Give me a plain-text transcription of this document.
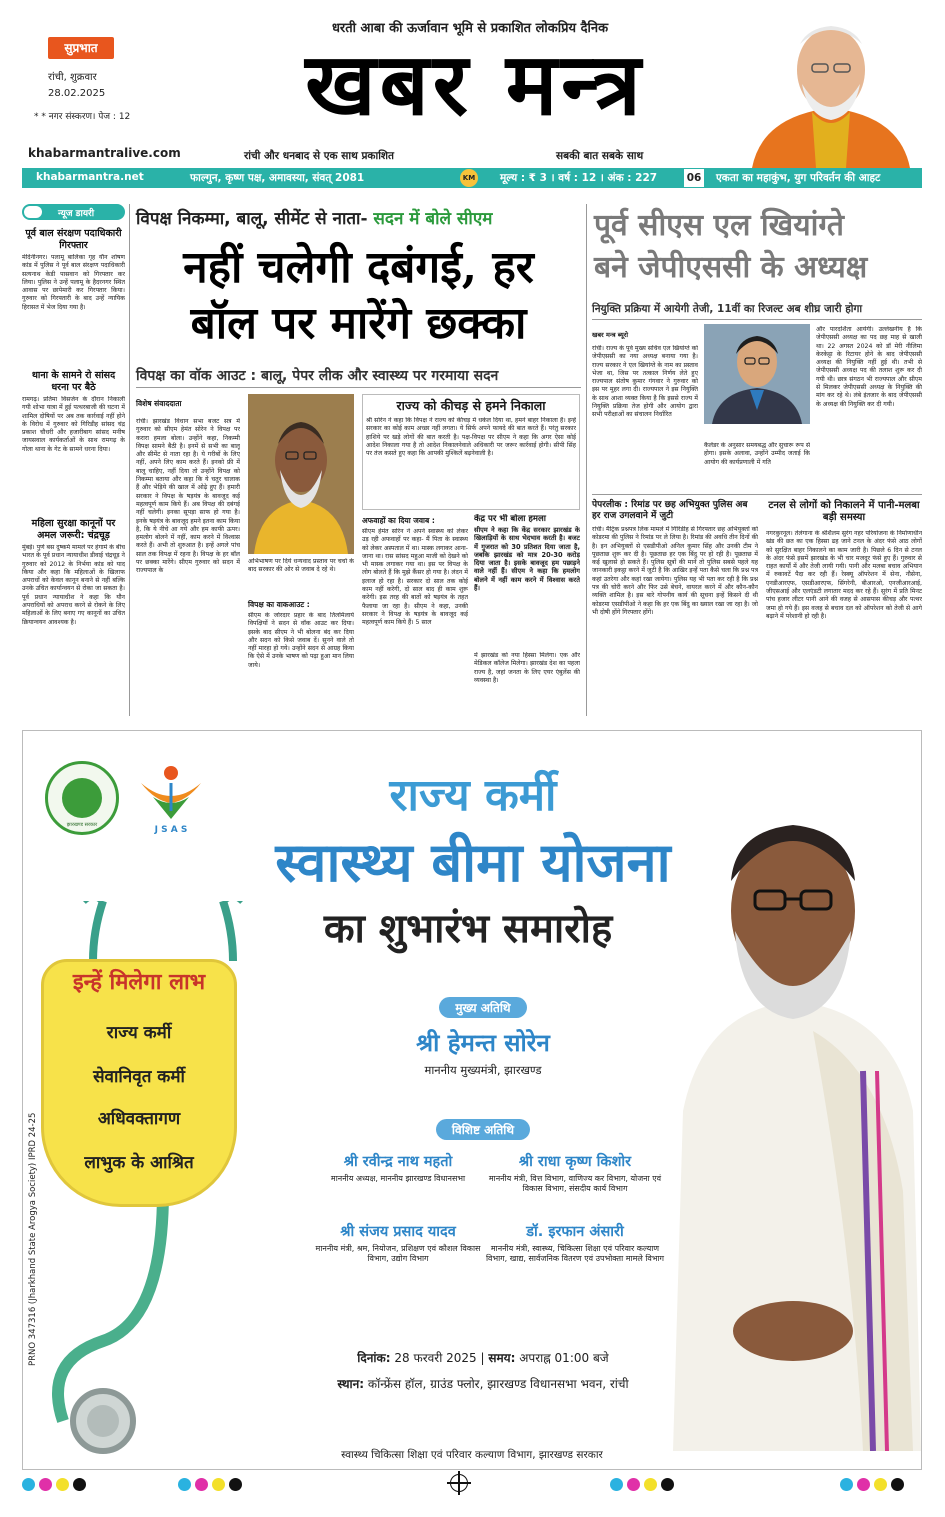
धरती आबा की ऊर्जावान भूमि से प्रकाशित लोकप्रिय दैनिक
सुप्रभात
रांची, शुक्रवार
28.02.2025
* * नगर संस्करण। पेज : 12	खबर मन्त्र
khabarmantralive.com	रांची और धनबाद से एक साथ प्रकाशित	सबकी बात सबके साथ
khabarmantra.net	फाल्गुन, कृष्ण पक्ष, अमावस्या, संवत् 2081	KM मूल्य : ₹ 3 । वर्ष : 12 । अंक : 227	06 एकता का महाकुंभ, युग परिवर्तन की आहट
न्यूज डायरी
पूर्व बाल संरक्षण पदाधिकारी गिरफ्तार
मेदिनीनगर। पलामू बालिका गृह यौन शोषण कांड में पुलिस ने पूर्व बाल संरक्षण पदाधिकारी सत्यनाथ केडी पासवान को गिरफ्तार कर लिया। पुलिस ने उन्हें पलामू के हैदरनगर स्थित आवास पर छापेमारी कर गिरफ्तार किया। गुरुवार को गिरफ्तारी के बाद उन्हें न्यायिक हिरासत में भेज दिया गया है।
थाना के सामने रो सांसद धरना पर बैठे
रामगढ़। प्रतिमा विसर्जन के दौरान निकाली गयी शोभा यात्रा में हुई पत्थरबाजी की घटना में शामिल दोषियों पर अब तक कार्रवाई नहीं होने के विरोध में गुरुवार को गिरिडीह सांसद चंद्र प्रकाश चौधरी और हजारीबाग सांसद मनीष जायसवाल कार्यकर्ताओं के साथ रामगढ़ के गोला थाना के गेट के सामने धरना दिया।
महिला सुरक्षा कानूनों पर अमल जरूरी: चंद्रचूड़
मुंबई। पुणे बस दुष्कर्म मामले पर हंगामे के बीच भारत के पूर्व प्रधान न्यायाधीश डीवाई चंद्रचूड़ ने गुरुवार को 2012 के निर्भया कांड को याद किया और कहा कि महिलाओं के खिलाफ अपराधों को केवल कानून बनाने से नहीं बल्कि उनके उचित कार्यान्वयन से रोका जा सकता है। पूर्व प्रधान न्यायाधीश ने कहा कि यौन अपराधियों को अपराध करने से रोकने के लिए महिलाओं के लिए बनाए गए कानूनों का उचित क्रियान्वयन आवश्यक है।
विपक्ष निकम्मा, बालू, सीमेंट से नाता- सदन में बोले सीएम
नहीं चलेगी दबंगई, हर
बॉल पर मारेंगे छक्का
विपक्ष का वॉक आउट : बालू, पेपर लीक और स्वास्थ्य पर गरमाया सदन
विशेष संवाददाता
रांची। झारखंड विधान सभा बजट सत्र में गुरुवार को सीएम हेमंत सोरेन ने विपक्ष पर करारा हमला बोला। उन्होंने कहा, निकम्मी विपक्ष सामने बैठी है। इनमें से सभी का बालू और सीमेंट से नाता रहा है। ये गरीबों के लिए नहीं, अपने लिए काम करते हैं। इनको फ्री में बालू चाहिए, नहीं दिया तो उन्होंने विपक्ष को निकम्मा बताया और कहा कि ये चतुर चालाक हैं और भेड़िये की खाल में ओढ़े हुए हैं। हमारी सरकार ने विपक्ष के षड़यंत्र के बावजूद कई महत्वपूर्ण काम किये हैं। अब विपक्ष की दबंगई नहीं चलेगी। इनका सूपड़ा साफ हो गया है। इनके षड़यंत्र के बावजूद हमने इतना काम किया है, कि ये नीचे आ गये और हम काफी ऊपर। हमलोग बोलने में नहीं, काम करने में विश्वास करते हैं। अभी तो शुरुआत है। इन्हें अगले पांच साल तक विपक्ष में रहना है। विपक्ष के हर बॉल पर छक्का मारेंगे। सीएम गुरुवार को सदन में राज्यपाल के
अभिभाषण पर दिये धन्यवाद प्रस्ताव पर चर्चा के बाद सरकार की ओर से जवाब दे रहे थे।
विपक्ष का वाकआउट :
सीएम के जोरदार प्रहार के बाद तिलमिलाये विपक्षियों ने सदन से वॉक आउट कर दिया। इसके बाद सीएम ने भी बोलना बंद कर दिया और सदन को किसे जवाब दें। सुनने वाले तो नहीं मारहा हो गये। उन्होंने सदन से आग्रह किया कि ऐसे में उनके भाषण को पढ़ा हुआ मान लिया जाये।
राज्य को कीचड़ से हमने निकाला
श्री सोरेन ने कहा कि विपक्ष ने राज्य को कीचड़ में धकेल दिया था, हमने बाहर निकाला है। इन्हें सरकार का कोई काम अच्छा नहीं लगता। ये सिर्फ अपने फायदे की बात करते हैं। परंतु सरकार हाशिये पर खड़े लोगों की बात करती है। पक्ष-विपक्ष पर सीएम ने कहा कि अगर ऐसा कोई आदेश निकाला गया है तो आदेश निकालनेवाले अधिकारी पर जरूर कार्रवाई होगी। सीपी सिंह पर तंज कसते हुए कहा कि आपकी मुश्किलें बढ़नेवाली है।
अफवाहों का दिया जवाब :
सीएम हेमंत सोरेन ने अपने स्वास्थ्य को लेकर उड़ रही अफवाहों पर कहा- मैं पिता के स्वास्थ्य को लेकर अस्पताल में था। मास्क लगाकर आना-जाना था। रास सांसद महुआ माजी को देखने को भी मास्क लगाकर गया था। इस पर विपक्ष के लोग बोलते हैं कि मुझे कैंसर हो गया है। लंदन में इलाज हो रहा है। सरकार दो साल तक कोई काम नहीं करेगी, दो साल बाद ही काम शुरू करेगी। इस तरह की बातों को षड़यंत्र के तहत फैलाया जा रहा है। सीएम ने कहा, उनकी सरकार ने विपक्ष के षड़यंत्र के बावजूद कई महत्वपूर्ण काम किये हैं। 5 साल
केंद्र पर भी बोला हमला
सीएम ने कहा कि केंद्र सरकार झारखंड के खिलाड़ियों के साथ भेदभाव करती है। बजट में गुजरात को 30 प्रतिशत दिया जाता है, जबकि झारखंड को मात्र 20-30 करोड़ दिया जाता है। इसके बावजूद हम पछाड़ने वाले नहीं हैं। सीएम ने कहा कि हमलोग बोलने में नहीं काम करने में विश्वास करते हैं।
में झारखंड को नया हिस्सा मिलेगा। एक और मेडिकल कॉलेज मिलेगा। झारखंड देश का पहला राज्य है, जहां जनता के लिए एयर एंबुलेंस की व्यवस्था है।
पूर्व सीएस एल खियांग्ते
बने जेपीएससी के अध्यक्ष
नियुक्ति प्रक्रिया में आयेगी तेजी, 11वीं का रिजल्ट अब शीघ्र जारी होगा
खबर मन्त्र ब्यूरो
रांची। राज्य के पूर्व मुख्य सचिव एल खियांग्ते को जेपीएससी का नया अध्यक्ष बनाया गया है। राज्य सरकार ने एल खियांग्ते के नाम का प्रस्ताव भेजा था, जिस पर तत्काल निर्णय लेते हुए राज्यपाल संतोष कुमार गंगवार ने गुरुवार को इस पर मुहर लगा दी। राज्यपाल ने इस नियुक्ति के साथ आशा व्यक्त किया है कि इससे राज्य में नियुक्ति प्रक्रिया तेज होगी और आयोग द्वारा सभी परीक्षाओं का संचालन निर्धारित
कैलेंडर के अनुसार समयबद्ध और सुचारू रूप से होगा। इसके अलावा, उन्होंने उम्मीद जताई कि आयोग की कार्यप्रणाली में गति
और पारदर्शिता आयेगी। उल्लेखनीय है कि जेपीएससी अध्यक्ष का पद छह माह से खाली था। 22 अगस्त 2024 को डॉ मेरी नीलिमा केरकेट्टा के रिटायर होने के बाद जेपीएससी अध्यक्ष की नियुक्ति नहीं हुई थी। तभी से जेपीएससी अध्यक्ष पद की तलाश शुरू कर दी गयी थी। छात्र संगठन भी राज्यपाल और सीएम से मिलकर जेपीएससी अध्यक्ष के नियुक्ति की मांग कर रहे थे। लंबे इंतजार के बाद जेपीएससी के अध्यक्ष की नियुक्ति कर दी गयी।
पेपरलीक : रिमांड पर छह अभियुक्त पुलिस अब हर राज उगलवाने में जुटी
रांची। मैट्रिक प्रश्नपत्र लिक मामले में गिरिडीह से गिरफ्तार छह अभियुक्तों को कोडरमा की पुलिस ने रिमांड पर ले लिया है। रिमांड की अवधि तीन दिनों की है। इन अभियुक्तों से एसडीपीओ अनिल कुमार सिंह और उनकी टीम ने पूछताछ शुरू कर दी है। पूछताछ हर एक बिंदु पर हो रही है। पूछताछ में कई खुलासे हो सकते हैं। पुलिस सूत्रों की मानें तो पुलिस सबसे पहले यह जानकारी इकट्ठा करने में जुटी है कि आखिर इन्हें पता कैसे चला कि प्रश्न पत्र कहां उतरेगा और कहां रखा जायेगा। पुलिस यह भी पता कर रही है कि प्रश्न पत्र की चोरी करने और फिर उसे बेचने, वायरल करने में और कौन-कौन व्यक्ति शामिल है। इस बारे गोपनीय कार्य की सूचना इन्हें किसने दी थी कोडरमा एसडीपीओ ने कहा कि हर एक बिंदु का ख्याल रखा जा रहा है। जो भी दोषी होंगे गिरफ्तार होंगे।
टनल से लोगों को निकालने में पानी-मलबा बड़ी समस्या
नगरकुरनूल। तेलंगाना के श्रीशैलम सुरंग नहर परियोजना के निर्माणाधीन खंड की छत का एक हिस्सा ढह जाने टनल के अंदर फंसे आठ लोगों को सुरक्षित बाहर निकालने का काम जारी है। पिछले 6 दिन से टनल के अंदर फंसे इसमें झारखंड के भी चार मजदूर फंसे हुए हैं। गुरुवार से राहत कार्यों में और तेजी लायी गयी। पानी और मलबा बचाव अभियान में रुकावटें पैदा कर रही हैं। रेस्क्यू ऑपरेशन में सेना, नौसेना, एनडीआरएफ, एसडीआरएफ, सिंगरेनी, बीआरओ, एनजीआरआई, जीएसआई और एलएंडटी लगातार मदद कर रहे हैं। सुरंग में प्रति मिनट पांच हजार लीटर पानी आने की वजह से आसपास कीचड़ और पत्थर जमा हो गये हैं। इस वजह से बचाव दल को ऑपरेशन को तेजी से आगे बढ़ाने में परेशानी हो रही है।
झारखण्ड सरकार	J S A S
राज्य कर्मी
स्वास्थ्य बीमा योजना
का शुभारंभ समारोह
इन्हें मिलेगा लाभ
राज्य कर्मी
सेवानिवृत कर्मी
अधिवक्तागण
लाभुक के आश्रित
PRNO 347316 (Jharkhand State Arogya Society) IPRD 24-25
मुख्य अतिथि
श्री हेमन्त सोरेन
माननीय मुख्यमंत्री, झारखण्ड
विशिष्ट अतिथि
श्री रवीन्द्र नाथ महतो
माननीय अध्यक्ष, माननीय झारखण्ड विधानसभा
श्री राधा कृष्ण किशोर
माननीय मंत्री, वित्त विभाग, वाणिज्य कर विभाग, योजना एवं विकास विभाग, संसदीय कार्य विभाग
श्री संजय प्रसाद यादव
माननीय मंत्री, श्रम, नियोजन, प्रशिक्षण एवं कौशल विकास विभाग, उद्योग विभाग
डॉ. इरफान अंसारी
माननीय मंत्री, स्वास्थ्य, चिकित्सा शिक्षा एवं परिवार कल्याण विभाग, खाद्य, सार्वजनिक वितरण एवं उपभोक्ता मामले विभाग
दिनांक: 28 फरवरी 2025 | समय: अपराह्न 01:00 बजे
स्थान: कॉन्फ्रेंस हॉल, ग्राउंड फ्लोर, झारखण्ड विधानसभा भवन, रांची
स्वास्थ्य चिकित्सा शिक्षा एवं परिवार कल्याण विभाग, झारखण्ड सरकार
